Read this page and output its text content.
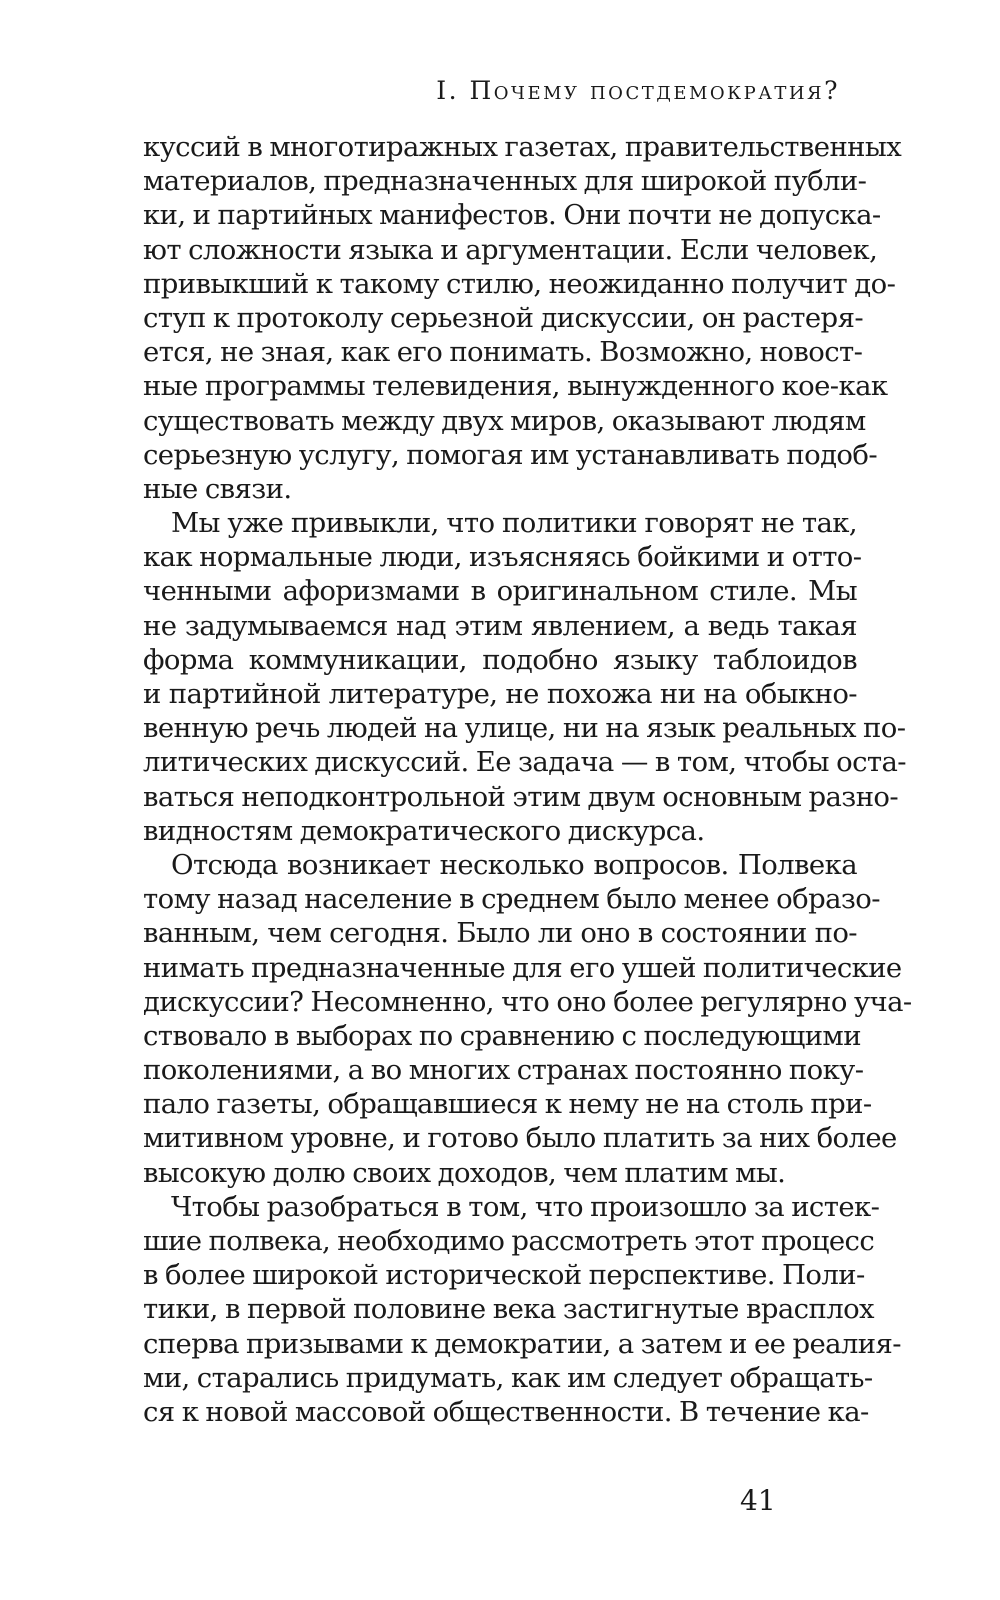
I. Почему постдемократия?
куссий в многотиражных газетах, правительственных
материалов, предназначенных для широкой публи-
ки, и партийных манифестов. Они почти не допуска-
ют сложности языка и аргументации. Если человек,
привыкший к такому стилю, неожиданно получит до-
ступ к протоколу серьезной дискуссии, он растеря-
ется, не зная, как его понимать. Возможно, новост-
ные программы телевидения, вынужденного кое-как
существовать между двух миров, оказывают людям
серьезную услугу, помогая им устанавливать подоб-
ные связи.
Мы уже привыкли, что политики говорят не так,
как нормальные люди, изъясняясь бойкими и отто-
ченными афоризмами в оригинальном стиле. Мы
не задумываемся над этим явлением, а ведь такая
форма коммуникации, подобно языку таблоидов
и партийной литературе, не похожа ни на обыкно-
венную речь людей на улице, ни на язык реальных по-
литических дискуссий. Ее задача — в том, чтобы оста-
ваться неподконтрольной этим двум основным разно-
видностям демократического дискурса.
Отсюда возникает несколько вопросов. Полвека
тому назад население в среднем было менее образо-
ванным, чем сегодня. Было ли оно в состоянии по-
нимать предназначенные для его ушей политические
дискуссии? Несомненно, что оно более регулярно уча-
ствовало в выборах по сравнению с последующими
поколениями, а во многих странах постоянно поку-
пало газеты, обращавшиеся к нему не на столь при-
митивном уровне, и готово было платить за них более
высокую долю своих доходов, чем платим мы.
Чтобы разобраться в том, что произошло за истек-
шие полвека, необходимо рассмотреть этот процесс
в более широкой исторической перспективе. Поли-
тики, в первой половине века застигнутые врасплох
сперва призывами к демократии, а затем и ее реалия-
ми, старались придумать, как им следует обращать-
ся к новой массовой общественности. В течение ка-
41
